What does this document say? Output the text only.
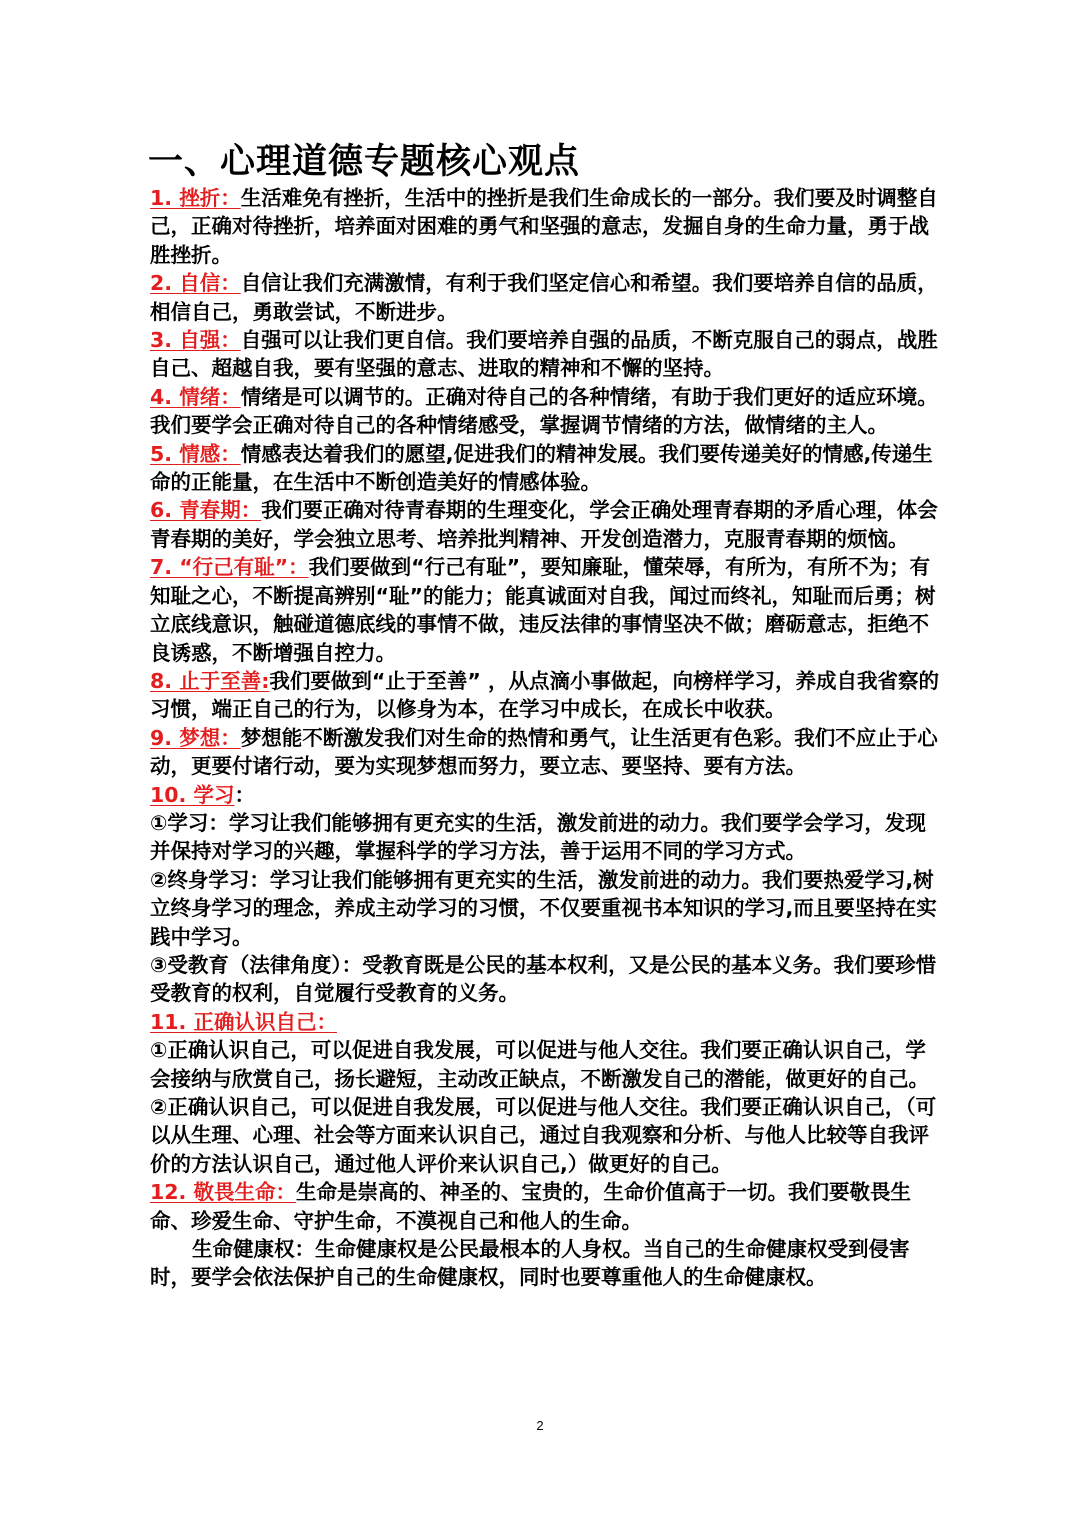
一、心理道德专题核心观点

1. 挫折：生活难免有挫折，生活中的挫折是我们生命成长的一部分。我们要及时调整自己，正确对待挫折，培养面对困难的勇气和坚强的意志，发掘自身的生命力量，勇于战胜挫折。

2. 自信：自信让我们充满激情，有利于我们坚定信心和希望。我们要培养自信的品质，相信自己，勇敢尝试，不断进步。

3. 自强：自强可以让我们更自信。我们要培养自强的品质，不断克服自己的弱点，战胜自己、超越自我，要有坚强的意志、进取的精神和不懈的坚持。

4. 情绪：情绪是可以调节的。正确对待自己的各种情绪，有助于我们更好的适应环境。我们要学会正确对待自己的各种情绪感受，掌握调节情绪的方法，做情绪的主人。

5. 情感：情感表达着我们的愿望,促进我们的精神发展。我们要传递美好的情感,传递生命的正能量，在生活中不断创造美好的情感体验。

6. 青春期：我们要正确对待青春期的生理变化，学会正确处理青春期的矛盾心理，体会青春期的美好，学会独立思考、培养批判精神、开发创造潜力，克服青春期的烦恼。

7. “行己有耻”：我们要做到“行己有耻”，要知廉耻，懂荣辱，有所为，有所不为；有知耻之心，不断提高辨别“耻”的能力；能真诚面对自我，闻过而终礼，知耻而后勇；树立底线意识，触碰道德底线的事情不做，违反法律的事情坚决不做；磨砺意志，拒绝不良诱惑，不断增强自控力。

8. 止于至善:我们要做到“止于至善” ，从点滴小事做起，向榜样学习，养成自我省察的习惯，端正自己的行为，以修身为本，在学习中成长，在成长中收获。

9. 梦想：梦想能不断激发我们对生命的热情和勇气，让生活更有色彩。我们不应止于心动，更要付诸行动，要为实现梦想而努力，要立志、要坚持、要有方法。

10. 学习：

①学习：学习让我们能够拥有更充实的生活，激发前进的动力。我们要学会学习，发现并保持对学习的兴趣，掌握科学的学习方法，善于运用不同的学习方式。

②终身学习：学习让我们能够拥有更充实的生活，激发前进的动力。我们要热爱学习,树立终身学习的理念，养成主动学习的习惯，不仅要重视书本知识的学习,而且要坚持在实践中学习。

③受教育（法律角度）：受教育既是公民的基本权利，又是公民的基本义务。我们要珍惜受教育的权利，自觉履行受教育的义务。

11. 正确认识自己：

①正确认识自己，可以促进自我发展，可以促进与他人交往。我们要正确认识自己，学会接纳与欣赏自己，扬长避短，主动改正缺点，不断激发自己的潜能，做更好的自己。

②正确认识自己，可以促进自我发展，可以促进与他人交往。我们要正确认识自己，（可以从生理、心理、社会等方面来认识自己，通过自我观察和分析、与他人比较等自我评价的方法认识自己，通过他人评价来认识自己,）做更好的自己。

12. 敬畏生命：生命是崇高的、神圣的、宝贵的，生命价值高于一切。我们要敬畏生命、珍爱生命、守护生命，不漠视自己和他人的生命。

生命健康权：生命健康权是公民最根本的人身权。当自己的生命健康权受到侵害时，要学会依法保护自己的生命健康权，同时也要尊重他人的生命健康权。

2
